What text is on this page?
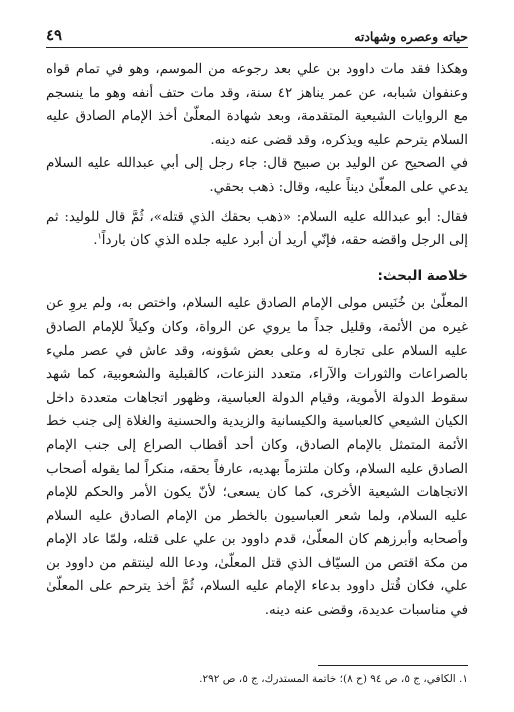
حياته وعصره وشهادته
٤٩

وهكذا فقد مات داوود بن علي بعد رجوعه من الموسم، وهو في تمام قواه وعنفوان شبابه، عن عمر يناهز ٤٢ سنة، وقد مات حتف أنفه وهو ما ينسجم مع الروايات الشيعية المتقدمة، وبعد شهادة المعلّىٰ أخذ الإمام الصادق عليه السلام يترحم عليه ويذكره، وقد قضى عنه دينه.

في الصحيح عن الوليد بن صبيح قال: جاء رجل إلى أبي عبدالله عليه السلام يدعي على المعلّىٰ ديناً عليه، وقال: ذهب بحقي.

فقال: أبو عبدالله عليه السلام: «ذهب بحقك الذي قتله»، ثُمَّ قال للوليد: ثم إلى الرجل واقضه حقه، فإنّي أريد أن أبرد عليه جلده الذي كان بارداً$^١$.

خلاصة البحث:

المعلّىٰ بن خُنَيس مولى الإمام الصادق عليه السلام، واختص به، ولم يروِ عن غيره من الأئمة، وقليل جداً ما يروي عن الرواة، وكان وكيلاً للإمام الصادق عليه السلام على تجارة له وعلى بعض شؤونه، وقد عاش في عصر مليء بالصراعات والثورات والآراء، متعدد النزعات، كالقبلية والشعوبية، كما شهد سقوط الدولة الأموية، وقيام الدولة العباسية، وظهور اتجاهات متعددة داخل الكيان الشيعي كالعباسية والكيسانية والزيدية والحسنية والغلاة إلى جنب خط الأئمة المتمثل بالإمام الصادق، وكان أحد أقطاب الصراع إلى جنب الإمام الصادق عليه السلام، وكان ملتزماً بهديه، عارفاً بحقه، منكراً لما يقوله أصحاب الاتجاهات الشيعية الأخرى، كما كان يسعى؛ لأنّ يكون الأمر والحكم للإمام عليه السلام، ولما شعر العباسيون بالخطر من الإمام الصادق عليه السلام وأصحابه وأبرزهم كان المعلّىٰ، قدم داوود بن علي على قتله، ولمّا عاد الإمام من مكة اقتص من السيّاف الذي قتل المعلّىٰ، ودعا الله لينتقم من داوود بن علي، فكان قُتل داوود بدعاء الإمام عليه السلام، ثُمَّ أخذ يترحم على المعلّىٰ في مناسبات عديدة، وقضى عنه دينه.

١. الكافي، ج ٥، ص ٩٤ (ح ٨)؛ خاتمة المستدرك، ج ٥، ص ٢٩٢.
